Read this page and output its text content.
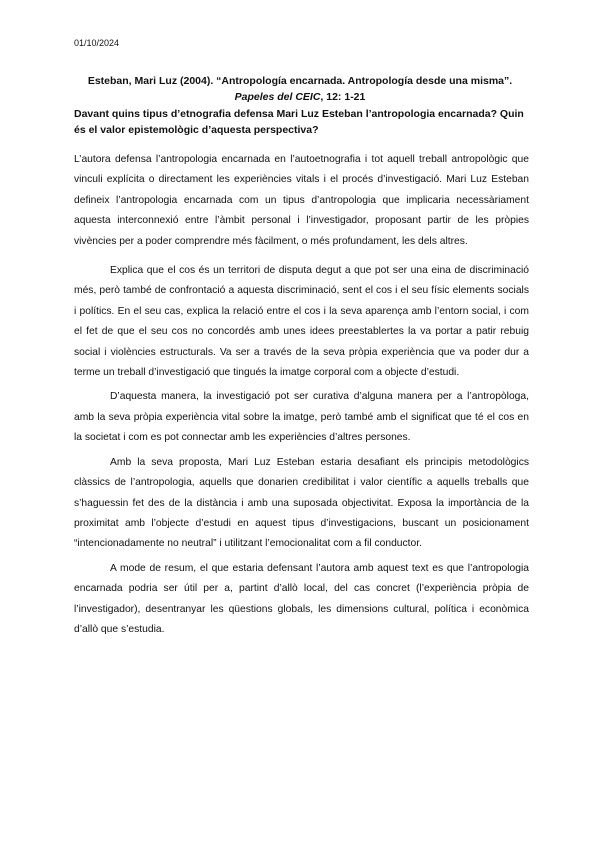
01/10/2024
Esteban, Mari Luz (2004). “Antropología encarnada. Antropología desde una misma”.
Papeles del CEIC, 12: 1-21
Davant quins tipus d’etnografia defensa Mari Luz Esteban l’antropologia encarnada? Quin és el valor epistemològic d’aquesta perspectiva?

L’autora defensa l’antropologia encarnada en l’autoetnografia i tot aquell treball antropològic que vinculi explícita o directament les experiències vitals i el procés d’investigació. Mari Luz Esteban defineix l’antropologia encarnada com un tipus d’antropologia que implicaria necessàriament aquesta interconnexió entre l’àmbit personal i l’investigador, proposant partir de les pròpies vivències per a poder comprendre més fàcilment, o més profundament, les dels altres.

Explica que el cos és un territori de disputa degut a que pot ser una eina de discriminació més, però també de confrontació a aquesta discriminació, sent el cos i el seu físic elements socials i polítics. En el seu cas, explica la relació entre el cos i la seva aparença amb l’entorn social, i com el fet de que el seu cos no concordés amb unes idees preestablertes la va portar a patir rebuig social i violències estructurals. Va ser a través de la seva pròpia experiència que va poder dur a terme un treball d’investigació que tingués la imatge corporal com a objecte d’estudi.

D’aquesta manera, la investigació pot ser curativa d’alguna manera per a l’antropòloga, amb la seva pròpia experiència vital sobre la imatge, però també amb el significat que té el cos en la societat i com es pot connectar amb les experiències d’altres persones.

Amb la seva proposta, Mari Luz Esteban estaria desafiant els principis metodològics clàssics de l’antropologia, aquells que donarien credibilitat i valor científic a aquells treballs que s’haguessin fet des de la distància i amb una suposada objectivitat. Exposa la importància de la proximitat amb l’objecte d’estudi en aquest tipus d’investigacions, buscant un posicionament “intencionadamente no neutral” i utilitzant l’emocionalitat com a fil conductor.

A mode de resum, el que estaria defensant l’autora amb aquest text es que l’antropologia encarnada podria ser útil per a, partint d’allò local, del cas concret (l’experiència pròpia de l’investigador), desentranyar les qüestions globals, les dimensions cultural, política i econòmica d’allò que s’estudia.
